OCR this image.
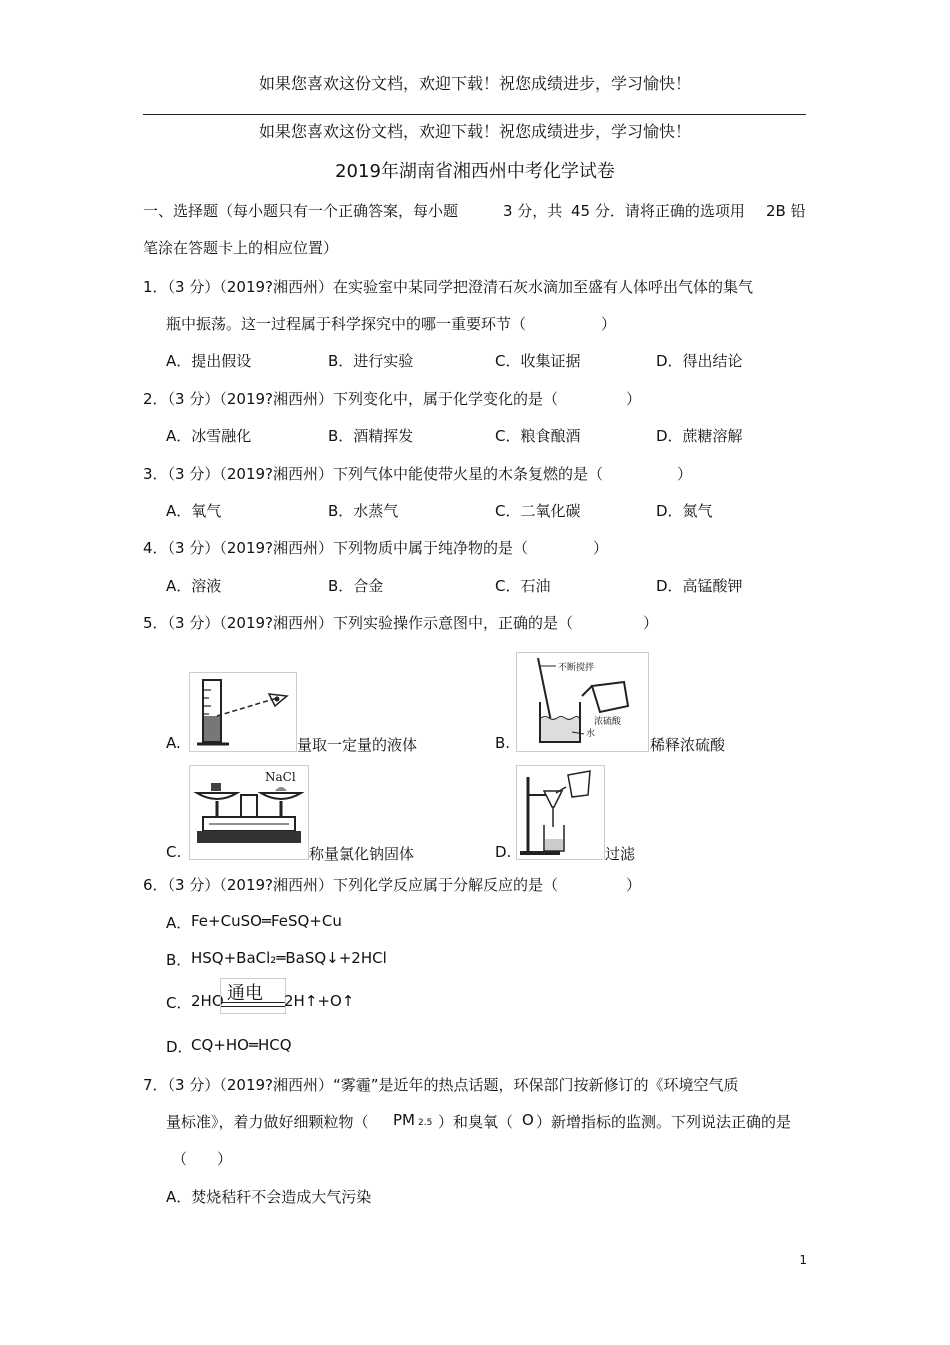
如果您喜欢这份文档，欢迎下载！祝您成绩进步，学习愉快！
如果您喜欢这份文档，欢迎下载！祝您成绩进步，学习愉快！
2019年湖南省湘西州中考化学试卷
一、选择题（每小题只有一个正确答案，每小题	3 分，共 45 分．请将正确的选项用 2B 铅
笔涂在答题卡上的相应位置）
1．（3 分）（2019?湘西州）在实验室中某同学把澄清石灰水滴加至盛有人体呼出气体的集气
瓶中振荡。这一过程属于科学探究中的哪一重要环节（	）
A．提出假设	B．进行实验	C．收集证据	D．得出结论
2．（3 分）（2019?湘西州）下列变化中，属于化学变化的是（	）
A．冰雪融化	B．酒精挥发	C．粮食酿酒	D．蔗糖溶解
3．（3 分）（2019?湘西州）下列气体中能使带火星的木条复燃的是（	）
A．氧气	B．水蒸气	C．二氧化碳	D．氮气
4．（3 分）（2019?湘西州）下列物质中属于纯净物的是（	）
A．溶液	B．合金	C．石油	D．高锰酸钾
5．（3 分）（2019?湘西州）下列实验操作示意图中，正确的是（	）
A.	量取一定量的液体	B.
不断搅拌
浓硫酸
水
稀释浓硫酸
C.
NaCl
称量氯化钠固体	D.	过滤
6．（3 分）（2019?湘西州）下列化学反应属于分解反应的是（	）
A． Fe+CuSO═FeSQ+Cu
B． HSQ+BaCl₂═BaSQ↓+2HCl
C． 2HO 通电 2H↑+O↑
D．
CQ+HO═HCQ
7．（3 分）（2019?湘西州）“雾霾”是近年的热点话题，环保部门按新修订的《环境空气质
量标准》，着力做好细颗粒物（ PM 2.5 ）和臭氧（ O ）新增指标的监测。下列说法正确的是
（　　）
A．焚烧秸秆不会造成大气污染
1
